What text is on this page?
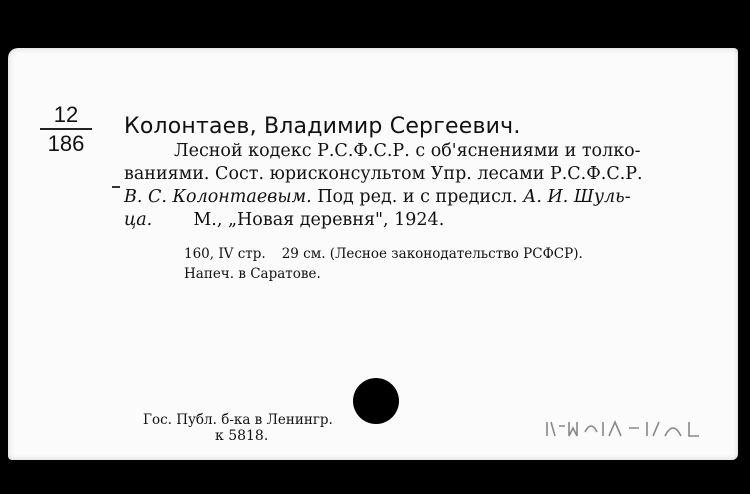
12
186
Колонтаев, Владимир Сергеевич.
Лесной кодекс Р.С.Ф.С.Р. с об'яснениями и толко-
ваниями. Сост. юрисконсультом Упр. лесами Р.С.Ф.С.Р.
В. С. Колонтаевым. Под ред. и с предисл. А. И. Шуль-
ца. М., „Новая деревня", 1924.
160, IV стр. 29 см. (Лесное законодательство РСФСР).
Напеч. в Саратове.
Гос. Публ. б-ка в Ленингр.
к 5818.
